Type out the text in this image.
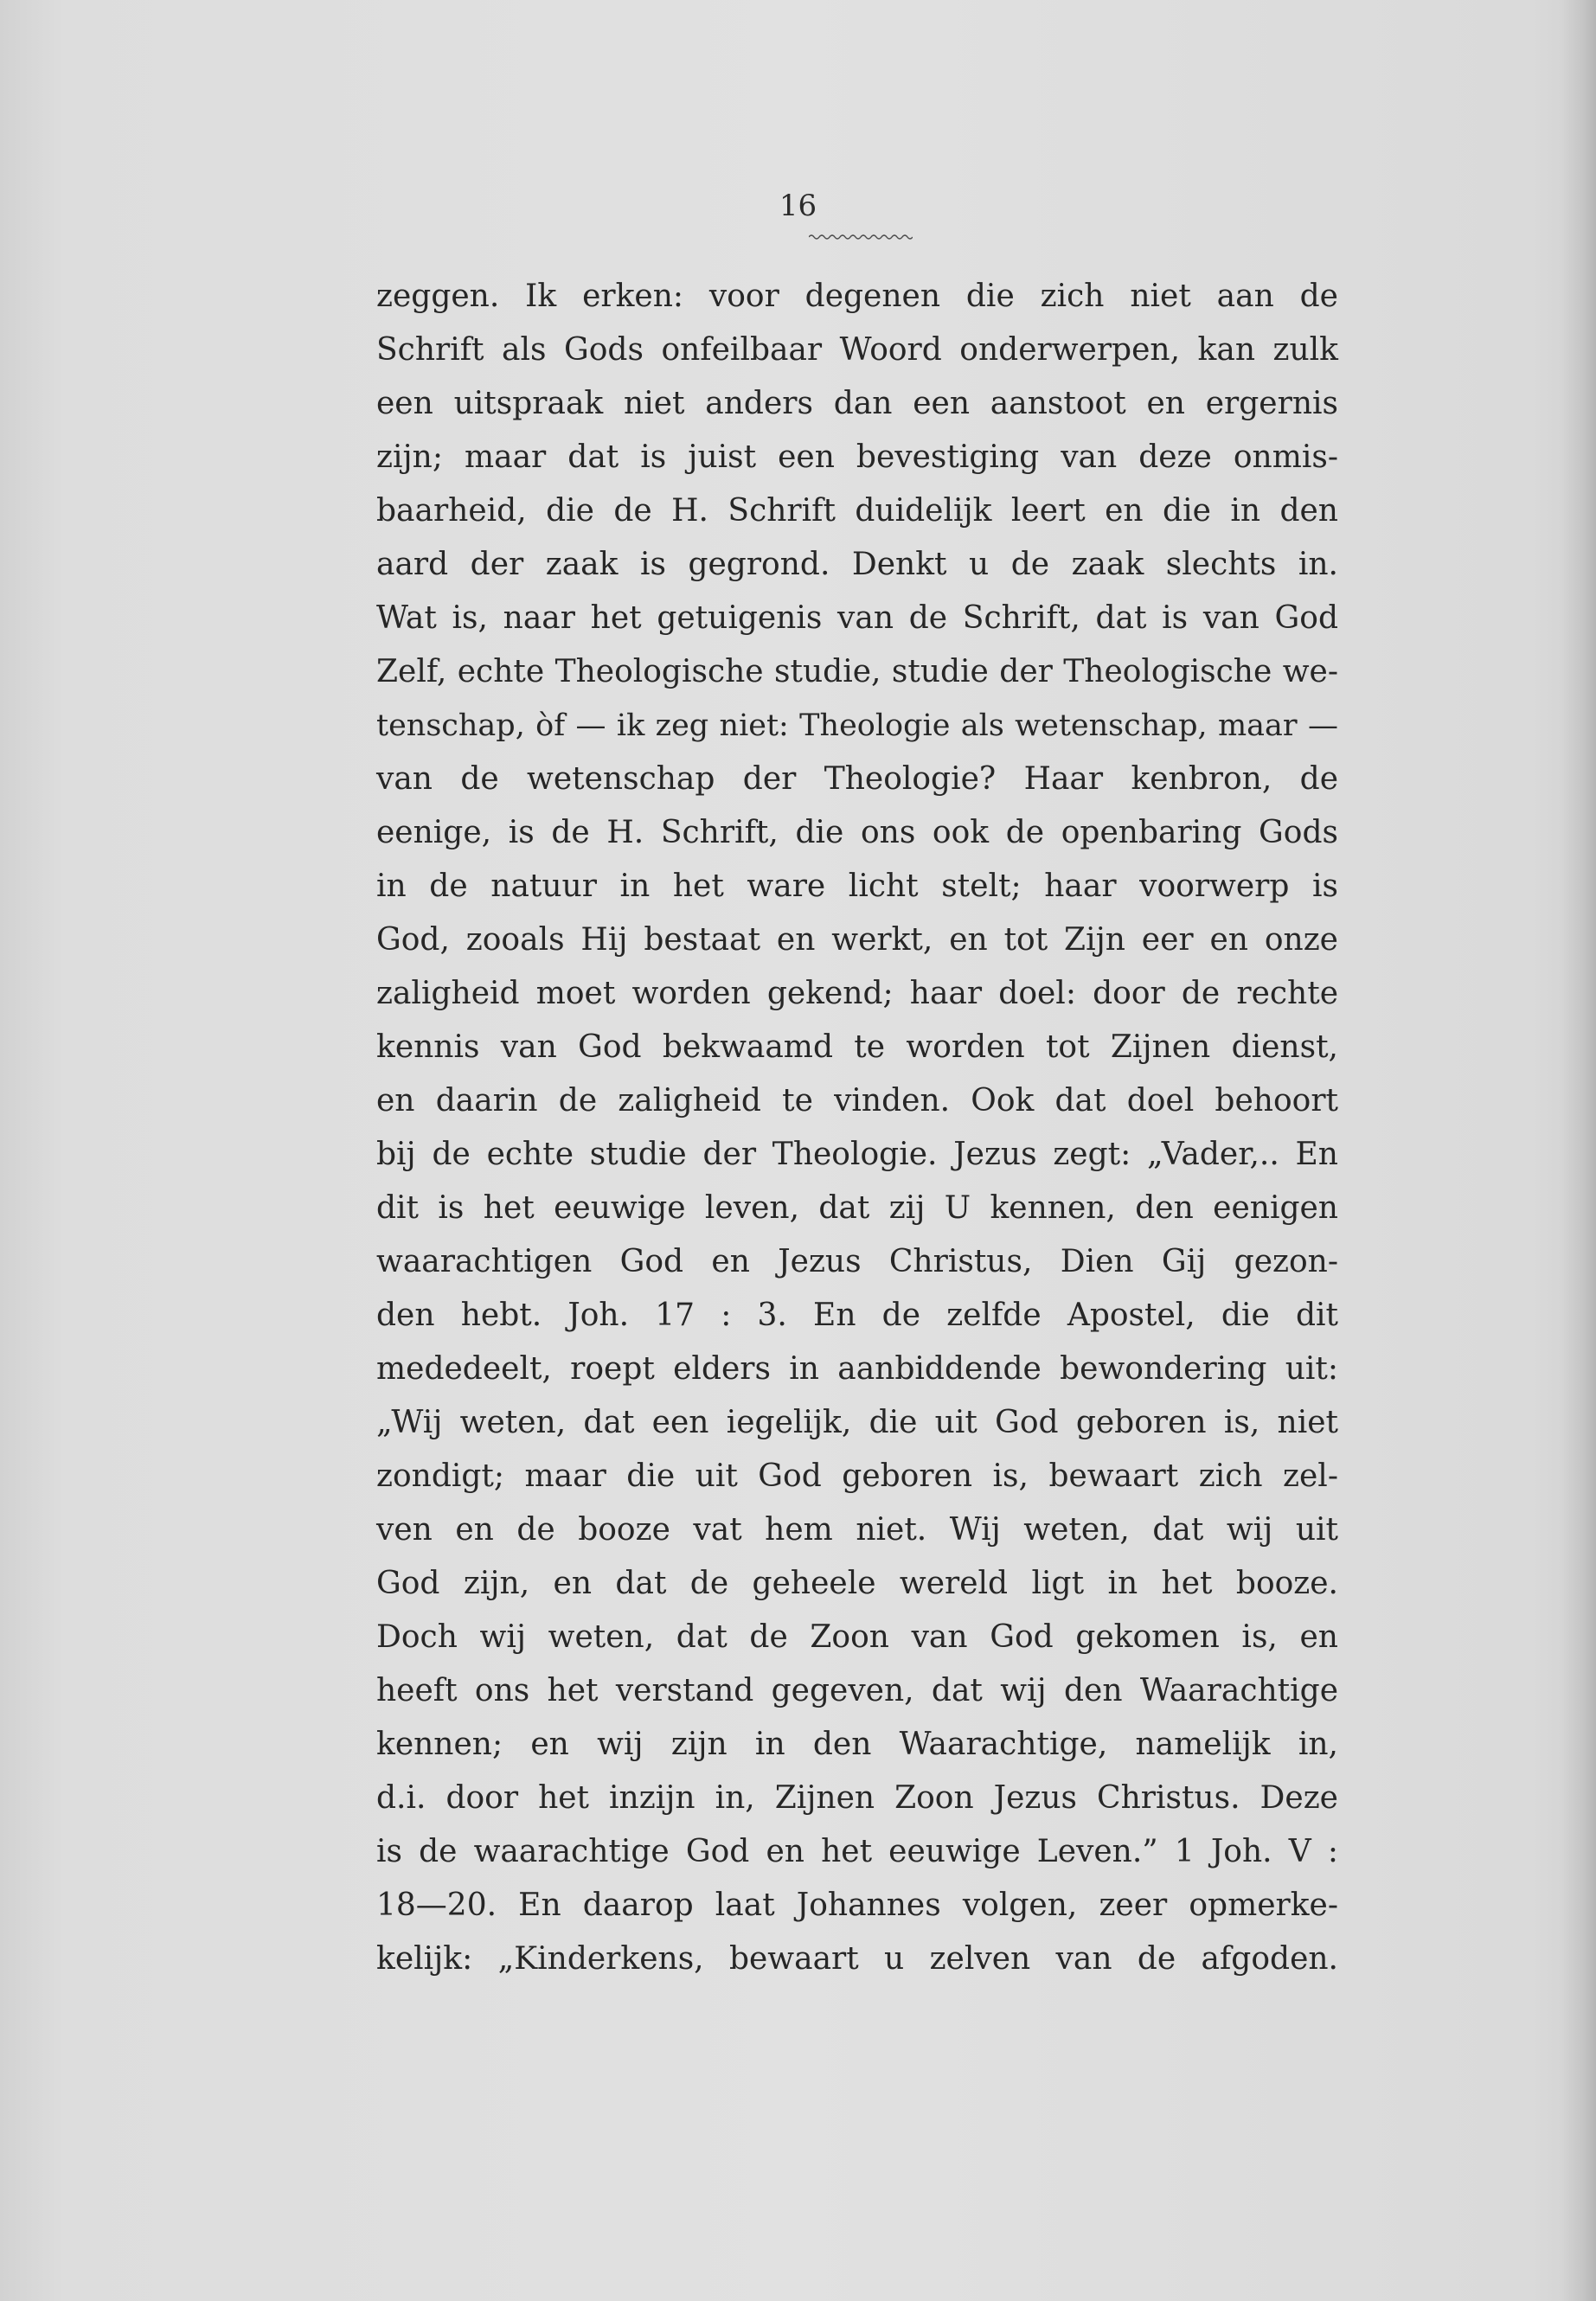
16
zeggen. Ik erken: voor degenen die zich niet aan de
Schrift als Gods onfeilbaar Woord onderwerpen, kan zulk
een uitspraak niet anders dan een aanstoot en ergernis
zijn; maar dat is juist een bevestiging van deze onmis-
baarheid, die de H. Schrift duidelijk leert en die in den
aard der zaak is gegrond. Denkt u de zaak slechts in.
Wat is, naar het getuigenis van de Schrift, dat is van God
Zelf, echte Theologische studie, studie der Theologische we-
tenschap, òf — ik zeg niet: Theologie als wetenschap, maar —
van de wetenschap der Theologie? Haar kenbron, de
eenige, is de H. Schrift, die ons ook de openbaring Gods
in de natuur in het ware licht stelt; haar voorwerp is
God, zooals Hij bestaat en werkt, en tot Zijn eer en onze
zaligheid moet worden gekend; haar doel: door de rechte
kennis van God bekwaamd te worden tot Zijnen dienst,
en daarin de zaligheid te vinden. Ook dat doel behoort
bij de echte studie der Theologie. Jezus zegt: „Vader,.. En
dit is het eeuwige leven, dat zij U kennen, den eenigen
waarachtigen God en Jezus Christus, Dien Gij gezon-
den hebt. Joh. 17 : 3. En de zelfde Apostel, die dit
mededeelt, roept elders in aanbiddende bewondering uit:
„Wij weten, dat een iegelijk, die uit God geboren is, niet
zondigt; maar die uit God geboren is, bewaart zich zel-
ven en de booze vat hem niet. Wij weten, dat wij uit
God zijn, en dat de geheele wereld ligt in het booze.
Doch wij weten, dat de Zoon van God gekomen is, en
heeft ons het verstand gegeven, dat wij den Waarachtige
kennen; en wij zijn in den Waarachtige, namelijk in,
d.i. door het inzijn in, Zijnen Zoon Jezus Christus. Deze
is de waarachtige God en het eeuwige Leven.” 1 Joh. V :
18—20. En daarop laat Johannes volgen, zeer opmerke-
kelijk: „Kinderkens, bewaart u zelven van de afgoden.
